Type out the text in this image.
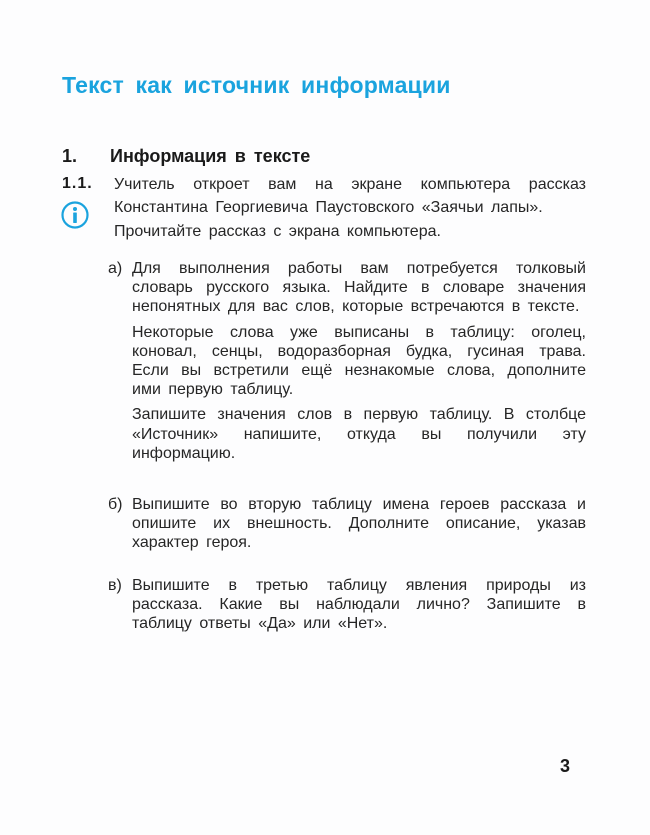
Текст как источник информации
1. Информация в тексте
1.1. Учитель откроет вам на экране компьютера рассказ
Константина Георгиевича Паустовского «Заячьи лапы».
Прочитайте рассказ с экрана компьютера.
а) Для выполнения работы вам потребуется толковый словарь русского языка. Найдите в словаре значения непонятных для вас слов, которые встречаются в тексте.

Некоторые слова уже выписаны в таблицу: оголец, коновал, сенцы, водоразборная будка, гусиная трава. Если вы встретили ещё незнакомые слова, дополните ими первую таблицу.

Запишите значения слов в первую таблицу. В столбце «Источник» напишите, откуда вы получили эту информацию.

б) Выпишите во вторую таблицу имена героев рассказа и опишите их внешность. Дополните описание, указав характер героя.

в) Выпишите в третью таблицу явления природы из рассказа. Какие вы наблюдали лично? Запишите в таблицу ответы «Да» или «Нет».

3
